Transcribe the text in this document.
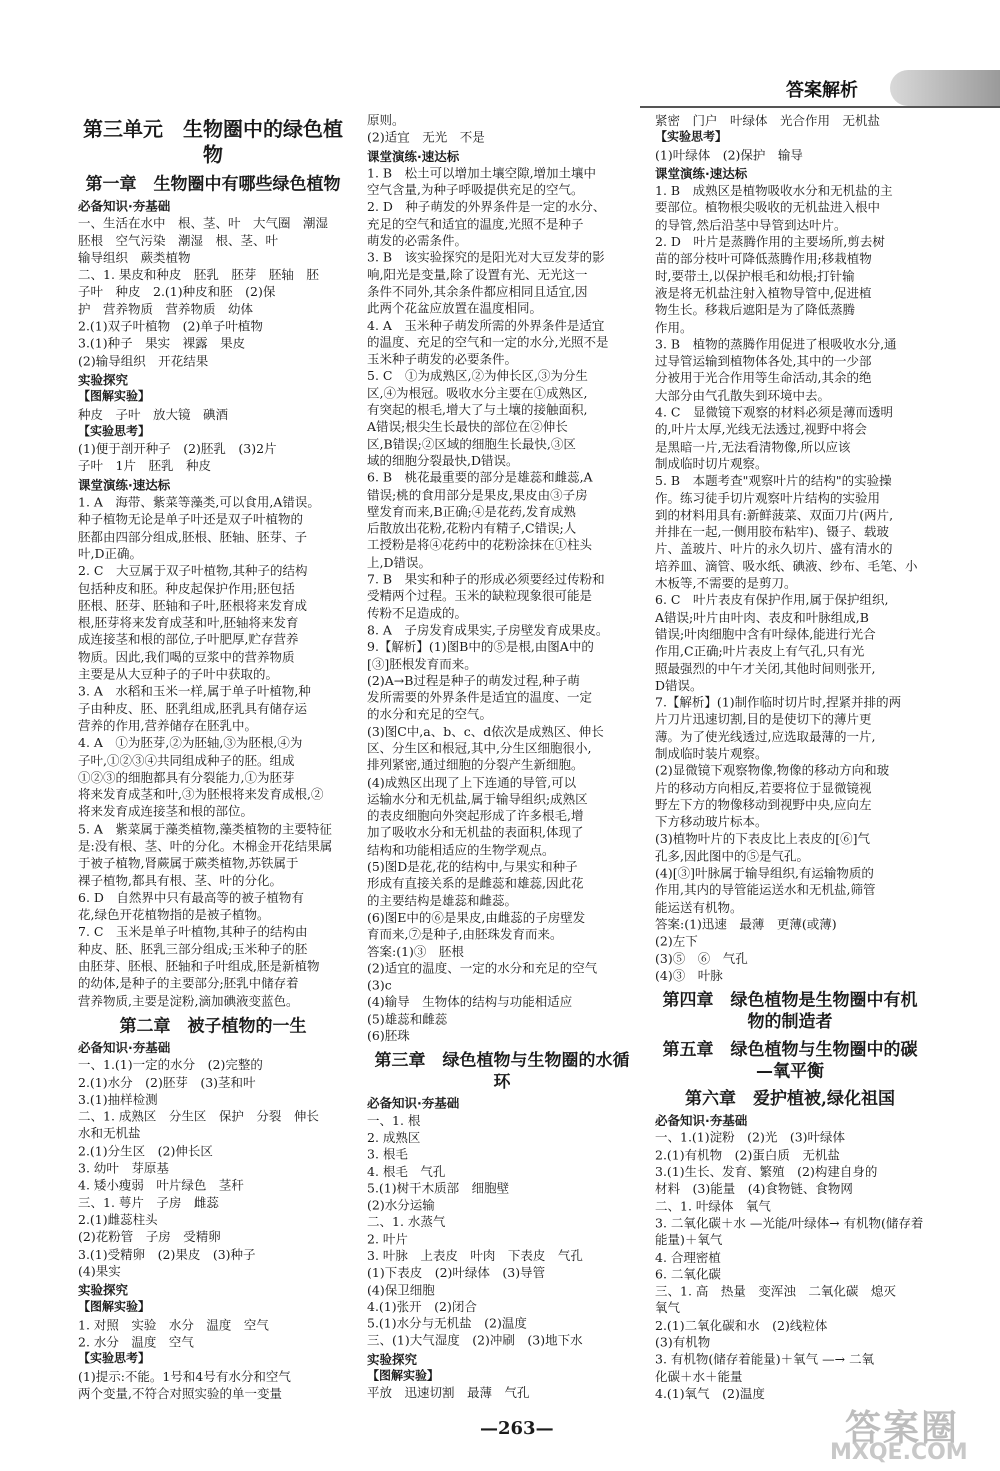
答案解析
第三单元　生物圈中的绿色植物
第一章　生物圈中有哪些绿色植物
必备知识·夯基础
一、生活在水中　根、茎、叶　大气圈　潮湿
胚根　空气污染　潮湿　根、茎、叶
输导组织　蕨类植物
二、1. 果皮和种皮　胚乳　胚芽　胚轴　胚
子叶　种皮　2.(1)种皮和胚　(2)保
护　营养物质　营养物质　幼体
2.(1)双子叶植物　(2)单子叶植物
3.(1)种子　果实　裸露　果皮
(2)输导组织　开花结果
实验探究
【图解实验】
种皮　子叶　放大镜　碘酒
【实验思考】
(1)便于剖开种子　(2)胚乳　(3)2片
子叶　1片　胚乳　种皮
课堂演练·速达标
1. A　海带、紫菜等藻类,可以食用,A错误。
种子植物无论是单子叶还是双子叶植物的
胚都由四部分组成,胚根、胚轴、胚芽、子
叶,D正确。
2. C　大豆属于双子叶植物,其种子的结构
包括种皮和胚。种皮起保护作用;胚包括
胚根、胚芽、胚轴和子叶,胚根将来发育成
根,胚芽将来发育成茎和叶,胚轴将来发育
成连接茎和根的部位,子叶肥厚,贮存营养
物质。因此,我们喝的豆浆中的营养物质
主要是从大豆种子的子叶中获取的。
3. A　水稻和玉米一样,属于单子叶植物,种
子由种皮、胚、胚乳组成,胚乳具有储存运
营养的作用,营养储存在胚乳中。
4. A　①为胚芽,②为胚轴,③为胚根,④为
子叶,①②③④共同组成种子的胚。组成
①②③的细胞都具有分裂能力,①为胚芽
将来发育成茎和叶,③为胚根将来发育成根,②
将来发育成连接茎和根的部位。
5. A　紫菜属于藻类植物,藻类植物的主要特征
是:没有根、茎、叶的分化。木棉金开花结果属
于被子植物,肾蕨属于蕨类植物,苏铁属于
裸子植物,都具有根、茎、叶的分化。
6. D　自然界中只有最高等的被子植物有
花,绿色开花植物指的是被子植物。
7. C　玉米是单子叶植物,其种子的结构由
种皮、胚、胚乳三部分组成;玉米种子的胚
由胚芽、胚根、胚轴和子叶组成,胚是新植物
的幼体,是种子的主要部分;胚乳中储存着
营养物质,主要是淀粉,滴加碘液变蓝色。
第二章　被子植物的一生
必备知识·夯基础
一、1.(1)一定的水分　(2)完整的
2.(1)水分　(2)胚芽　(3)茎和叶
3.(1)抽样检测
二、1. 成熟区　分生区　保护　分裂　伸长
水和无机盐
2.(1)分生区　(2)伸长区
3. 幼叶　芽原基
4. 矮小瘦弱　叶片绿色　茎秆
三、1. 萼片　子房　雌蕊
2.(1)雌蕊柱头
(2)花粉管　子房　受精卵
3.(1)受精卵　(2)果皮　(3)种子
(4)果实
实验探究
【图解实验】
1. 对照　实验　水分　温度　空气
2. 水分　温度　空气
【实验思考】
(1)提示:不能。1号和4号有水分和空气
两个变量,不符合对照实验的单一变量
原则。
(2)适宜　无光　不是
课堂演练·速达标
1. B　松土可以增加土壤空隙,增加土壤中
空气含量,为种子呼吸提供充足的空气。
2. D　种子萌发的外界条件是一定的水分、
充足的空气和适宜的温度,光照不是种子
萌发的必需条件。
3. B　该实验探究的是阳光对大豆发芽的影
响,阳光是变量,除了设置有光、无光这一
条件不同外,其余条件都应相同且适宜,因
此两个花盆应放置在温度相同。
4. A　玉米种子萌发所需的外界条件是适宜
的温度、充足的空气和一定的水分,光照不是
玉米种子萌发的必要条件。
5. C　①为成熟区,②为伸长区,③为分生
区,④为根冠。吸收水分主要在①成熟区,
有突起的根毛,增大了与土壤的接触面积,
A错误;根尖生长最快的部位在②伸长
区,B错误;②区域的细胞生长最快,③区
域的细胞分裂最快,D错误。
6. B　桃花最重要的部分是雄蕊和雌蕊,A
错误;桃的食用部分是果皮,果皮由③子房
壁发育而来,B正确;④是花药,发育成熟
后散放出花粉,花粉内有精子,C错误;人
工授粉是将④花药中的花粉涂抹在①柱头
上,D错误。
7. B　果实和种子的形成必须要经过传粉和
受精两个过程。玉米的缺粒现象很可能是
传粉不足造成的。
8. A　子房发育成果实,子房壁发育成果皮。
9.【解析】(1)图B中的⑤是根,由图A中的
[③]胚根发育而来。
(2)A→B过程是种子的萌发过程,种子萌
发所需要的外界条件是适宜的温度、一定
的水分和充足的空气。
(3)图C中,a、b、c、d依次是成熟区、伸长
区、分生区和根冠,其中,分生区细胞很小,
排列紧密,通过细胞的分裂产生新细胞。
(4)成熟区出现了上下连通的导管,可以
运输水分和无机盐,属于输导组织;成熟区
的表皮细胞向外突起形成了许多根毛,增
加了吸收水分和无机盐的表面积,体现了
结构和功能相适应的生物学观点。
(5)图D是花,花的结构中,与果实和种子
形成有直接关系的是雌蕊和雄蕊,因此花
的主要结构是雄蕊和雌蕊。
(6)图E中的⑥是果皮,由雌蕊的子房壁发
育而来,⑦是种子,由胚珠发育而来。
答案:(1)③　胚根
(2)适宜的温度、一定的水分和充足的空气
(3)c
(4)输导　生物体的结构与功能相适应
(5)雄蕊和雌蕊
(6)胚珠
第三章　绿色植物与生物圈的水循环
必备知识·夯基础
一、1. 根
2. 成熟区
3. 根毛
4. 根毛　气孔
5.(1)树干木质部　细胞壁
(2)水分运输
二、1. 水蒸气
2. 叶片
3. 叶脉　上表皮　叶肉　下表皮　气孔
(1)下表皮　(2)叶绿体　(3)导管
(4)保卫细胞
4.(1)张开　(2)闭合
5.(1)水分与无机盐　(2)温度
三、(1)大气湿度　(2)冲刷　(3)地下水
实验探究
【图解实验】
平放　迅速切割　最薄　气孔
紧密　门户　叶绿体　光合作用　无机盐
【实验思考】
(1)叶绿体　(2)保护　输导
课堂演练·速达标
1. B　成熟区是植物吸收水分和无机盐的主
要部位。植物根尖吸收的无机盐进入根中
的导管,然后沿茎中导管到达叶片。
2. D　叶片是蒸腾作用的主要场所,剪去树
苗的部分枝叶可降低蒸腾作用;移栽植物
时,要带土,以保护根毛和幼根;打针输
液是将无机盐注射入植物导管中,促进植
物生长。移栽后遮阳是为了降低蒸腾
作用。
3. B　植物的蒸腾作用促进了根吸收水分,通
过导管运输到植物体各处,其中的一少部
分被用于光合作用等生命活动,其余的绝
大部分由气孔散失到环境中去。
4. C　显微镜下观察的材料必须是薄而透明
的,叶片太厚,光线无法透过,视野中将会
是黑暗一片,无法看清物像,所以应该
制成临时切片观察。
5. B　本题考查"观察叶片的结构"的实验操
作。练习徒手切片观察叶片结构的实验用
到的材料用具有:新鲜菠菜、双面刀片(两片,
并排在一起,一侧用胶布粘牢)、镊子、载玻
片、盖玻片、叶片的永久切片、盛有清水的
培养皿、滴管、吸水纸、碘液、纱布、毛笔、小
木板等,不需要的是剪刀。
6. C　叶片表皮有保护作用,属于保护组织,
A错误;叶片由叶肉、表皮和叶脉组成,B
错误;叶肉细胞中含有叶绿体,能进行光合
作用,C正确;叶片表皮上有气孔,只有光
照最强烈的中午才关闭,其他时间则张开,
D错误。
7.【解析】(1)制作临时切片时,捏紧并排的两
片刀片迅速切割,目的是使切下的薄片更
薄。为了使光线透过,应选取最薄的一片,
制成临时装片观察。
(2)显微镜下观察物像,物像的移动方向和玻
片的移动方向相反,若要将位于显微镜视
野左下方的物像移动到视野中央,应向左
下方移动玻片标本。
(3)植物叶片的下表皮比上表皮的[⑥]气
孔多,因此图中的⑤是气孔。
(4)[③]叶脉属于输导组织,有运输物质的
作用,其内的导管能运送水和无机盐,筛管
能运送有机物。
答案:(1)迅速　最薄　更薄(或薄)
(2)左下
(3)⑤　⑥　气孔
(4)③　叶脉
第四章　绿色植物是生物圈中有机物的制造者
第五章　绿色植物与生物圈中的碳—氧平衡
第六章　爱护植被,绿化祖国
必备知识·夯基础
一、1.(1)淀粉　(2)光　(3)叶绿体
2.(1)有机物　(2)蛋白质　无机盐
3.(1)生长、发育、繁殖　(2)构建自身的
材料　(3)能量　(4)食物链、食物网
二、1. 叶绿体　氧气
3. 二氧化碳＋水 —光能/叶绿体→ 有机物(储存着
能量)＋氧气
4. 合理密植
6. 二氧化碳
三、1. 高　热量　变浑浊　二氧化碳　熄灭
氧气
2.(1)二氧化碳和水　(2)线粒体
(3)有机物
3. 有机物(储存着能量)＋氧气 —→ 二氧
化碳＋水＋能量
4.(1)氧气　(2)温度
—263—	答案圈
MXQE.COM
